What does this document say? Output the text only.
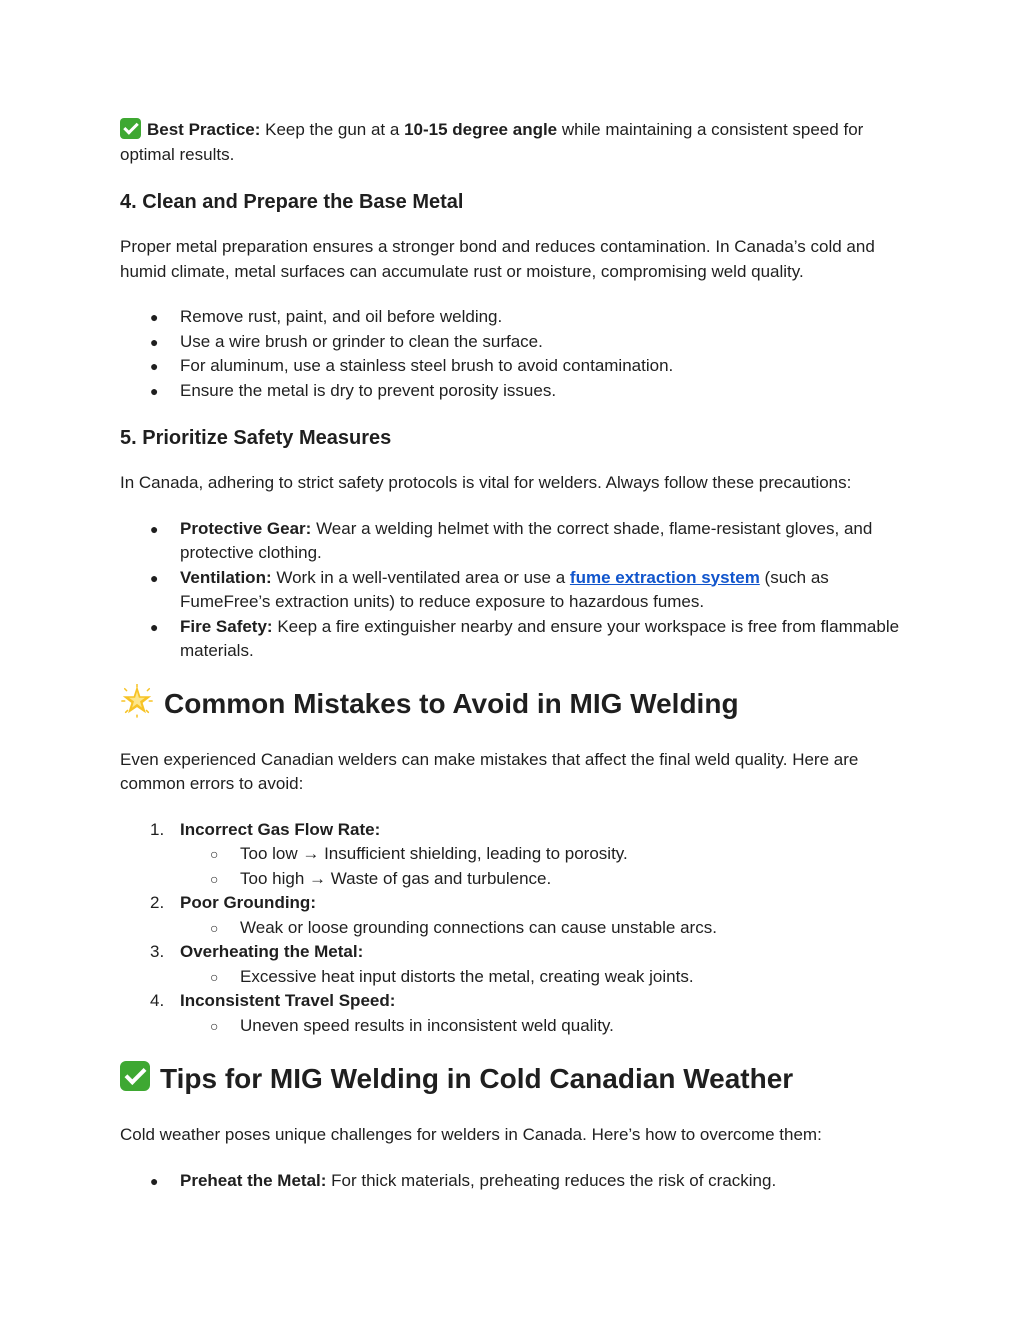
Best Practice: Keep the gun at a 10-15 degree angle while maintaining a consistent speed for optimal results.

4. Clean and Prepare the Base Metal

Proper metal preparation ensures a stronger bond and reduces contamination. In Canada’s cold and humid climate, metal surfaces can accumulate rust or moisture, compromising weld quality.

● Remove rust, paint, and oil before welding.
● Use a wire brush or grinder to clean the surface.
● For aluminum, use a stainless steel brush to avoid contamination.
● Ensure the metal is dry to prevent porosity issues.
5. Prioritize Safety Measures

In Canada, adhering to strict safety protocols is vital for welders. Always follow these precautions:

● Protective Gear: Wear a welding helmet with the correct shade, flame-resistant gloves, and protective clothing.
● Ventilation: Work in a well-ventilated area or use a fume extraction system (such as FumeFree’s extraction units) to reduce exposure to hazardous fumes.
● Fire Safety: Keep a fire extinguisher nearby and ensure your workspace is free from flammable materials.
Common Mistakes to Avoid in MIG Welding

Even experienced Canadian welders can make mistakes that affect the final weld quality. Here are common errors to avoid:

1. Incorrect Gas Flow Rate:
○ Too low → Insufficient shielding, leading to porosity.
○ Too high → Waste of gas and turbulence.
2. Poor Grounding:
○ Weak or loose grounding connections can cause unstable arcs.
3. Overheating the Metal:
○ Excessive heat input distorts the metal, creating weak joints.
4. Inconsistent Travel Speed:
○ Uneven speed results in inconsistent weld quality.
Tips for MIG Welding in Cold Canadian Weather

Cold weather poses unique challenges for welders in Canada. Here’s how to overcome them:

● Preheat the Metal: For thick materials, preheating reduces the risk of cracking.
